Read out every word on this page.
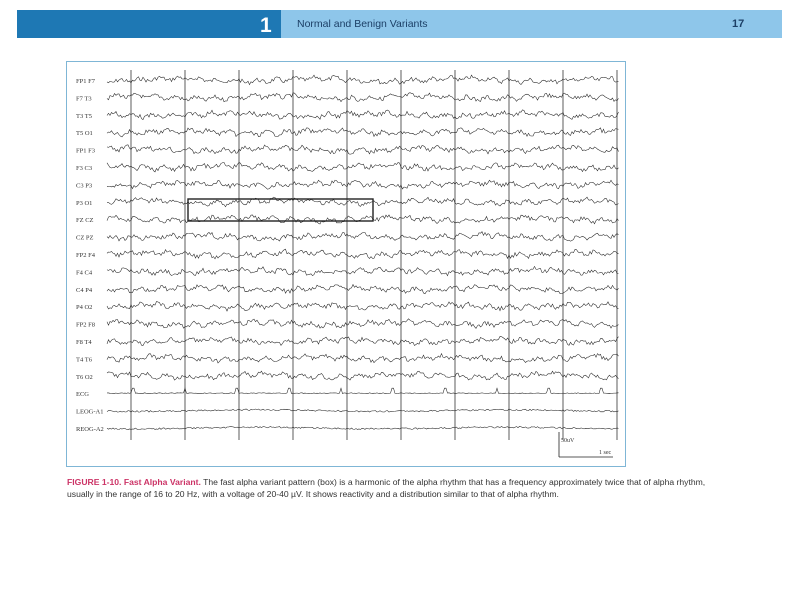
1 Normal and Benign Variants	17
FP1 F7
F7 T3
T3 T5
T5 O1
FP1 F3
F3 C3
C3 P3
P3 O1
FZ CZ
CZ PZ
FP2 F4
F4 C4
C4 P4
P4 O2
FP2 F8
F8 T4
T4 T6
T6 O2
ECG
LEOG-A1
REOG-A2
50uV
1 sec
FIGURE 1-10. Fast Alpha Variant. The fast alpha variant pattern (box) is a harmonic of the alpha rhythm that has a frequency approximately twice that of alpha rhythm, usually in the range of 16 to 20 Hz, with a voltage of 20-40 µV. It shows reactivity and a distribution similar to that of alpha rhythm.
